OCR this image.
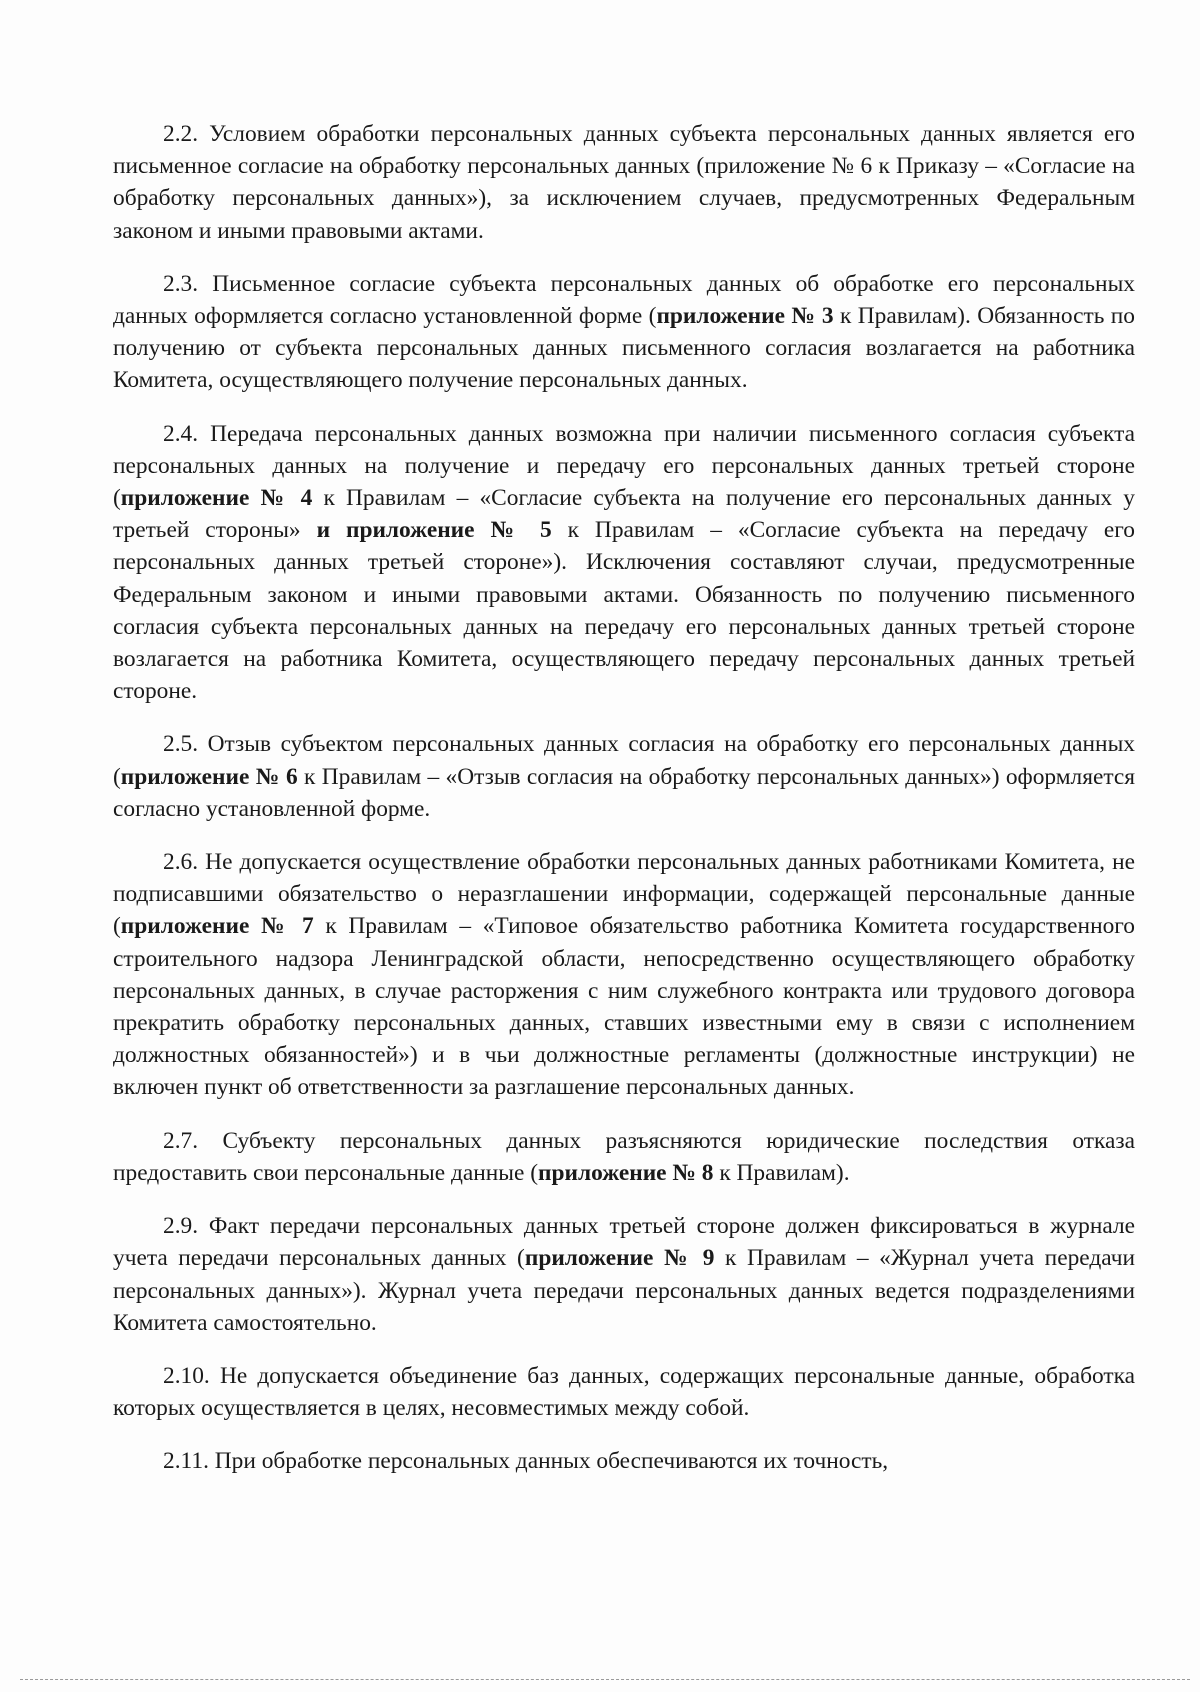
2.2. Условием обработки персональных данных субъекта персональных данных является его письменное согласие на обработку персональных данных (приложение № 6 к Приказу – «Согласие на обработку персональных данных»), за исключением случаев, предусмотренных Федеральным законом и иными правовыми актами.

2.3. Письменное согласие субъекта персональных данных об обработке его персональных данных оформляется согласно установленной форме (приложение № 3 к Правилам). Обязанность по получению от субъекта персональных данных письменного согласия возлагается на работника Комитета, осуществляющего получение персональных данных.

2.4. Передача персональных данных возможна при наличии письменного согласия субъекта персональных данных на получение и передачу его персональных данных третьей стороне (приложение № 4 к Правилам – «Согласие субъекта на получение его персональных данных у третьей стороны» и приложение № 5 к Правилам – «Согласие субъекта на передачу его персональных данных третьей стороне»). Исключения составляют случаи, предусмотренные Федеральным законом и иными правовыми актами. Обязанность по получению письменного согласия субъекта персональных данных на передачу его персональных данных третьей стороне возлагается на работника Комитета, осуществляющего передачу персональных данных третьей стороне.

2.5. Отзыв субъектом персональных данных согласия на обработку его персональных данных (приложение № 6 к Правилам – «Отзыв согласия на обработку персональных данных») оформляется согласно установленной форме.

2.6. Не допускается осуществление обработки персональных данных работниками Комитета, не подписавшими обязательство о неразглашении информации, содержащей персональные данные (приложение № 7 к Правилам – «Типовое обязательство работника Комитета государственного строительного надзора Ленинградской области, непосредственно осуществляющего обработку персональных данных, в случае расторжения с ним служебного контракта или трудового договора прекратить обработку персональных данных, ставших известными ему в связи с исполнением должностных обязанностей») и в чьи должностные регламенты (должностные инструкции) не включен пункт об ответственности за разглашение персональных данных.

2.7. Субъекту персональных данных разъясняются юридические последствия отказа предоставить свои персональные данные (приложение № 8 к Правилам).

2.9. Факт передачи персональных данных третьей стороне должен фиксироваться в журнале учета передачи персональных данных (приложение № 9 к Правилам – «Журнал учета передачи персональных данных»). Журнал учета передачи персональных данных ведется подразделениями Комитета самостоятельно.

2.10. Не допускается объединение баз данных, содержащих персональные данные, обработка которых осуществляется в целях, несовместимых между собой.

2.11. При обработке персональных данных обеспечиваются их точность,
